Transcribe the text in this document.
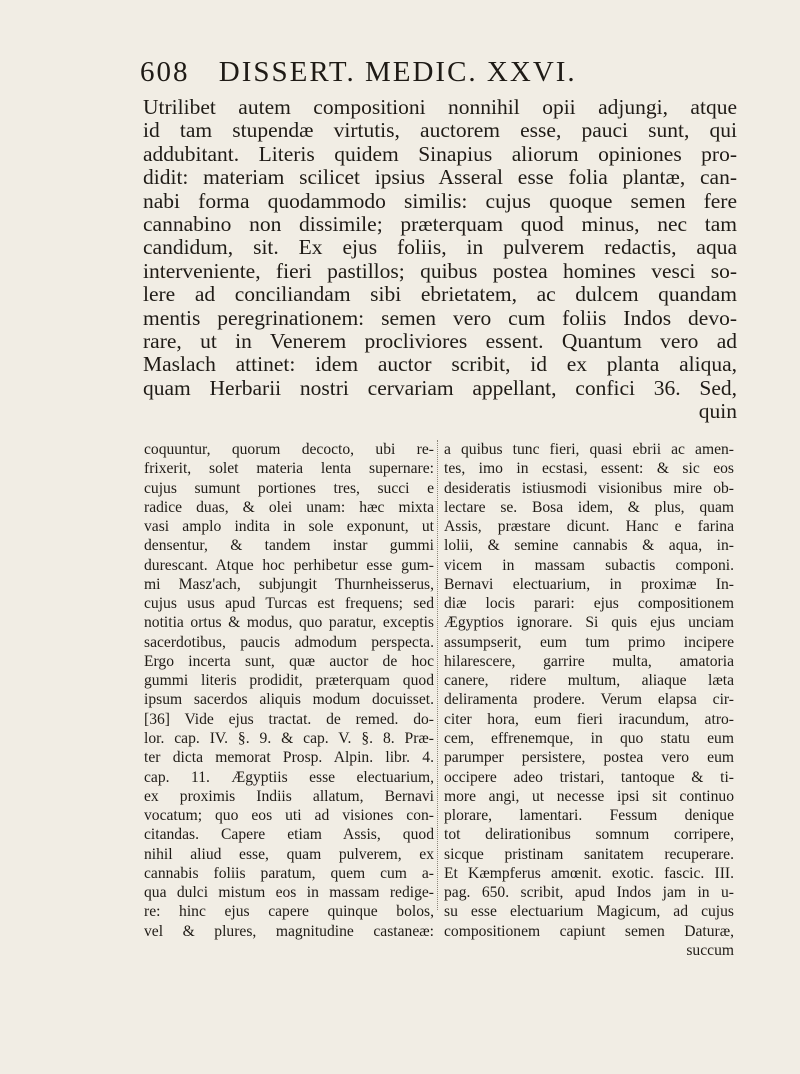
608 DISSERT. MEDIC. XXVI.
Utrilibet autem compositioni nonnihil opii adjungi, atque
id tam stupendæ virtutis, auctorem esse, pauci sunt, qui
addubitant. Literis quidem Sinapius aliorum opiniones pro-
didit: materiam scilicet ipsius Asseral esse folia plantæ, can-
nabi forma quodammodo similis: cujus quoque semen fere
cannabino non dissimile; præterquam quod minus, nec tam
candidum, sit. Ex ejus foliis, in pulverem redactis, aqua
interveniente, fieri pastillos; quibus postea homines vesci so-
lere ad conciliandam sibi ebrietatem, ac dulcem quandam
mentis peregrinationem: semen vero cum foliis Indos devo-
rare, ut in Venerem procliviores essent. Quantum vero ad
Maslach attinet: idem auctor scribit, id ex planta aliqua,
quam Herbarii nostri cervariam appellant, confici 36. Sed,
quin
coquuntur, quorum decocto, ubi re-
frixerit, solet materia lenta supernare:
cujus sumunt portiones tres, succi e
radice duas, & olei unam: hæc mixta
vasi amplo indita in sole exponunt, ut
densentur, & tandem instar gummi
durescant. Atque hoc perhibetur esse gum-
mi Masz'ach, subjungit Thurnheisserus,
cujus usus apud Turcas est frequens; sed
notitia ortus & modus, quo paratur, exceptis
sacerdotibus, paucis admodum perspecta.
Ergo incerta sunt, quæ auctor de hoc
gummi literis prodidit, præterquam quod
ipsum sacerdos aliquis modum docuisset.
[36] Vide ejus tractat. de remed. do-
lor. cap. IV. §. 9. & cap. V. §. 8. Præ-
ter dicta memorat Prosp. Alpin. libr. 4.
cap. 11. Ægyptiis esse electuarium,
ex proximis Indiis allatum, Bernavi
vocatum; quo eos uti ad visiones con-
citandas. Capere etiam Assis, quod
nihil aliud esse, quam pulverem, ex
cannabis foliis paratum, quem cum a-
qua dulci mistum eos in massam redige-
re: hinc ejus capere quinque bolos,
vel & plures, magnitudine castaneæ:
a quibus tunc fieri, quasi ebrii ac amen-
tes, imo in ecstasi, essent: & sic eos
desideratis istiusmodi visionibus mire ob-
lectare se. Bosa idem, & plus, quam
Assis, præstare dicunt. Hanc e farina
lolii, & semine cannabis & aqua, in-
vicem in massam subactis componi.
Bernavi electuarium, in proximæ In-
diæ locis parari: ejus compositionem
Ægyptios ignorare. Si quis ejus unciam
assumpserit, eum tum primo incipere
hilarescere, garrire multa, amatoria
canere, ridere multum, aliaque læta
deliramenta prodere. Verum elapsa cir-
citer hora, eum fieri iracundum, atro-
cem, effrenemque, in quo statu eum
parumper persistere, postea vero eum
occipere adeo tristari, tantoque & ti-
more angi, ut necesse ipsi sit continuo
plorare, lamentari. Fessum denique
tot delirationibus somnum corripere,
sicque pristinam sanitatem recuperare.
Et Kæmpferus amœnit. exotic. fascic. III.
pag. 650. scribit, apud Indos jam in u-
su esse electuarium Magicum, ad cujus
compositionem capiunt semen Daturæ,
succum
